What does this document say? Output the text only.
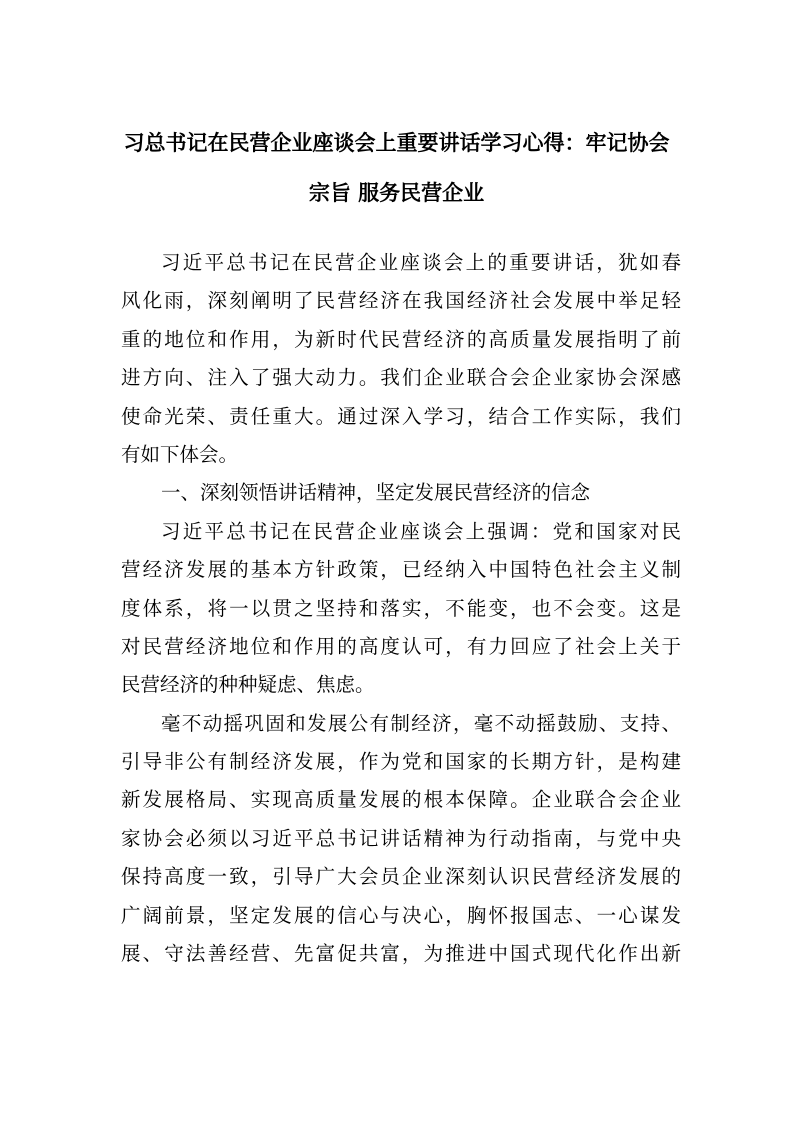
习总书记在民营企业座谈会上重要讲话学习心得：牢记协会
宗旨 服务民营企业
习近平总书记在民营企业座谈会上的重要讲话，犹如春
风化雨，深刻阐明了民营经济在我国经济社会发展中举足轻
重的地位和作用，为新时代民营经济的高质量发展指明了前
进方向、注入了强大动力。我们企业联合会企业家协会深感
使命光荣、责任重大。通过深入学习，结合工作实际，我们
有如下体会。
一、深刻领悟讲话精神，坚定发展民营经济的信念
习近平总书记在民营企业座谈会上强调：党和国家对民
营经济发展的基本方针政策，已经纳入中国特色社会主义制
度体系，将一以贯之坚持和落实，不能变，也不会变。这是
对民营经济地位和作用的高度认可，有力回应了社会上关于
民营经济的种种疑虑、焦虑。
毫不动摇巩固和发展公有制经济，毫不动摇鼓励、支持、
引导非公有制经济发展，作为党和国家的长期方针，是构建
新发展格局、实现高质量发展的根本保障。企业联合会企业
家协会必须以习近平总书记讲话精神为行动指南，与党中央
保持高度一致，引导广大会员企业深刻认识民营经济发展的
广阔前景，坚定发展的信心与决心，胸怀报国志、一心谋发
展、守法善经营、先富促共富，为推进中国式现代化作出新
